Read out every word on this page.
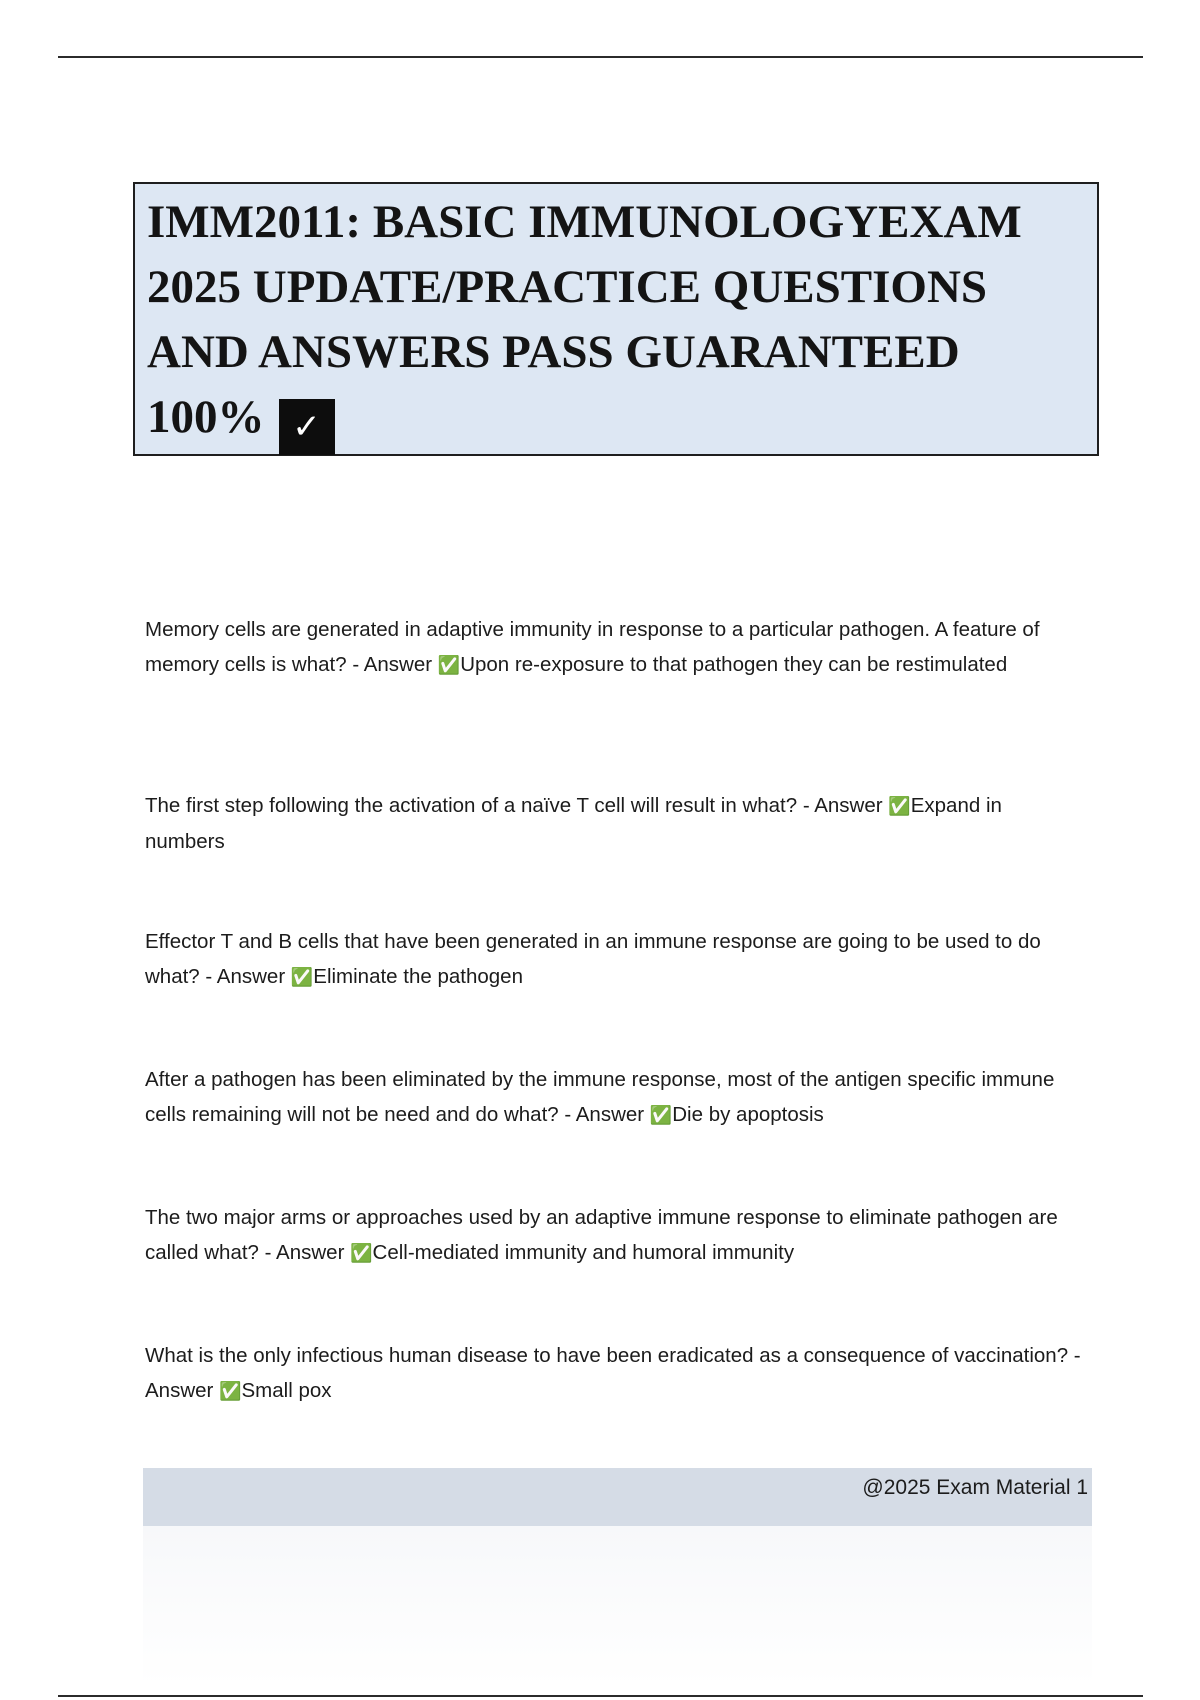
IMM2011: BASIC IMMUNOLOGYEXAM
2025 UPDATE/PRACTICE QUESTIONS
AND ANSWERS PASS GUARANTEED
100% ✓
Memory cells are generated in adaptive immunity in response to a particular pathogen. A feature of memory cells is what? - Answer ✅Upon re-exposure to that pathogen they can be restimulated
The first step following the activation of a naïve T cell will result in what? - Answer ✅Expand in numbers
Effector T and B cells that have been generated in an immune response are going to be used to do what? - Answer ✅Eliminate the pathogen
After a pathogen has been eliminated by the immune response, most of the antigen specific immune cells remaining will not be need and do what? - Answer ✅Die by apoptosis
The two major arms or approaches used by an adaptive immune response to eliminate pathogen are called what? - Answer ✅Cell-mediated immunity and humoral immunity
What is the only infectious human disease to have been eradicated as a consequence of vaccination? - Answer ✅Small pox
@2025 Exam Material 1
